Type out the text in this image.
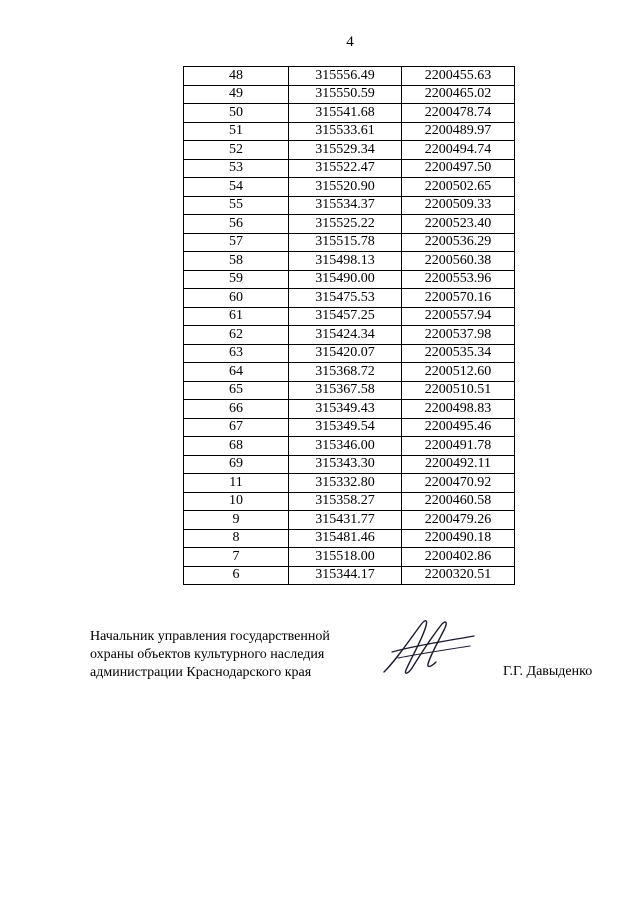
4
48	315556.49	2200455.63
49	315550.59	2200465.02
50	315541.68	2200478.74
51	315533.61	2200489.97
52	315529.34	2200494.74
53	315522.47	2200497.50
54	315520.90	2200502.65
55	315534.37	2200509.33
56	315525.22	2200523.40
57	315515.78	2200536.29
58	315498.13	2200560.38
59	315490.00	2200553.96
60	315475.53	2200570.16
61	315457.25	2200557.94
62	315424.34	2200537.98
63	315420.07	2200535.34
64	315368.72	2200512.60
65	315367.58	2200510.51
66	315349.43	2200498.83
67	315349.54	2200495.46
68	315346.00	2200491.78
69	315343.30	2200492.11
11	315332.80	2200470.92
10	315358.27	2200460.58
9	315431.77	2200479.26
8	315481.46	2200490.18
7	315518.00	2200402.86
6	315344.17	2200320.51
Начальник управления государственной
охраны объектов культурного наследия
администрации Краснодарского края	Г.Г. Давыденко
